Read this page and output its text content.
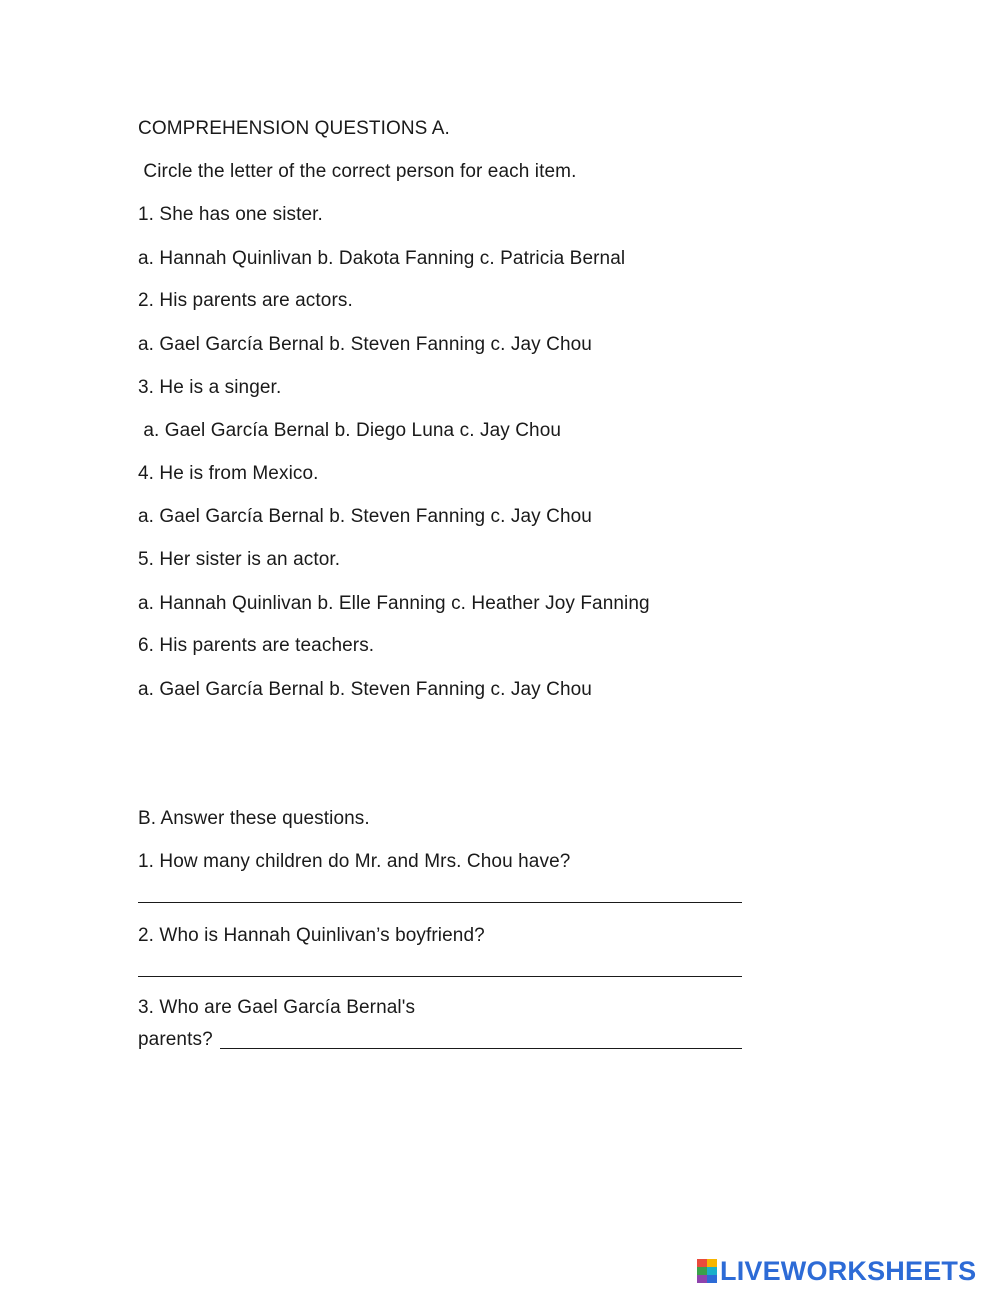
COMPREHENSION QUESTIONS A.
Circle the letter of the correct person for each item.
1. She has one sister.
a. Hannah Quinlivan b. Dakota Fanning c. Patricia Bernal
2. His parents are actors.
a. Gael García Bernal b. Steven Fanning c. Jay Chou
3. He is a singer.
a. Gael García Bernal b. Diego Luna c. Jay Chou
4. He is from Mexico.
a. Gael García Bernal b. Steven Fanning c. Jay Chou
5. Her sister is an actor.
a. Hannah Quinlivan b. Elle Fanning c. Heather Joy Fanning
6. His parents are teachers.
a. Gael García Bernal b. Steven Fanning c. Jay Chou
B. Answer these questions.
1. How many children do Mr. and Mrs. Chou have?
2. Who is Hannah Quinlivan’s boyfriend?
3. Who are Gael García Bernal's
parents?
LIVEWORKSHEETS
